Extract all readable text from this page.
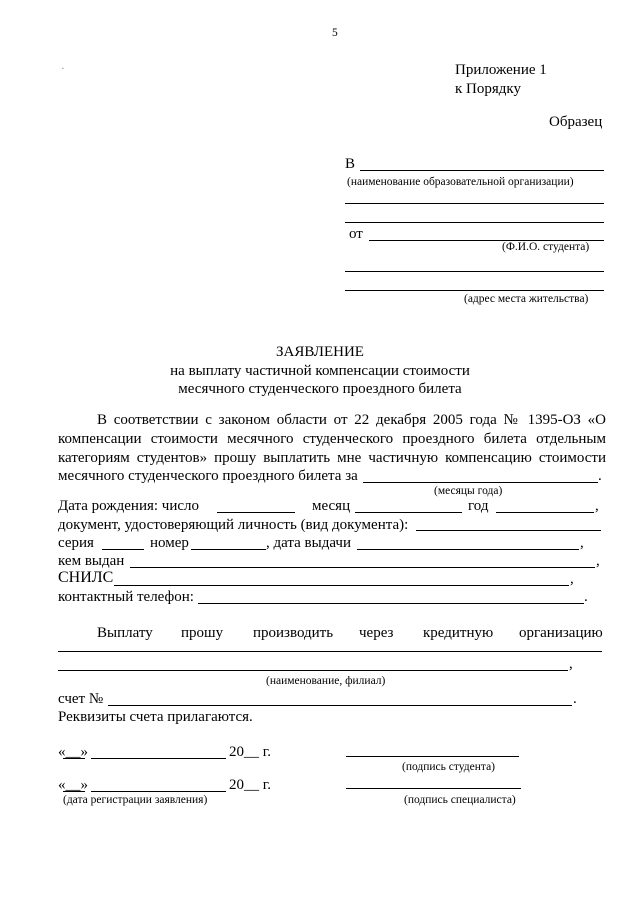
5
·	Приложение 1
к Порядку
Образец
В
(наименование образовательной организации)
от
(Ф.И.О. студента)
(адрес места жительства)
ЗАЯВЛЕНИЕ
на выплату частичной компенсации стоимости
месячного студенческого проездного билета
В соответствии с законом области от 22 декабря 2005 года № 1395-ОЗ «О
компенсации стоимости месячного студенческого проездного билета отдельным
категориям студентов» прошу выплатить мне частичную компенсацию стоимости
месячного студенческого проездного билета за	.
(месяцы года)
Дата рождения: число	месяц	год	,
документ, удостоверяющий личность (вид документа):
серия	номер	, дата выдачи	,
кем выдан	,
СНИЛС	,
контактный телефон:	.
Выплату прошу производить через кредитную организацию
,
(наименование, филиал)
счет №	.
Реквизиты счета прилагаются.
«__»	20__ г.
(подпись студента)
«__»	20__ г.
(дата регистрации заявления)	(подпись специалиста)
